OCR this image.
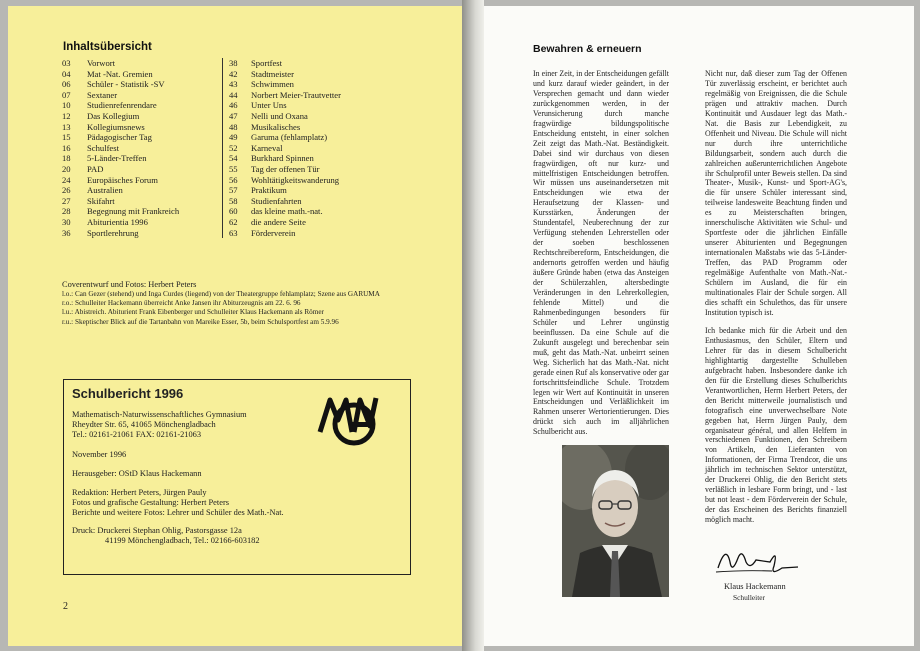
Inhaltsübersicht
03	Vorwort
04	Mat -Nat. Gremien
06	Schüler - Statistik -SV
07	Sextaner
10	Studienrefenrendare
12	Das Kollegium
13	Kollegiumsnews
15	Pädagogischer Tag
16	Schulfest
18	5-Länder-Treffen
20	PAD
24	Europäisches Forum
26	Australien
27	Skifahrt
28	Begegnung mit Frankreich
30	Abiturientia 1996
36	Sportlerehrung
38	Sportfest
42	Stadtmeister
43	Schwimmen
44	Norbert Meier-Trautvetter
46	Unter Uns
47	Nelli und Oxana
48	Musikalisches
49	Garuma (fehlamplatz)
52	Karneval
54	Burkhard Spinnen
55	Tag der offenen Tür
56	Wohltätigkeitswanderung
57	Praktikum
58	Studienfahrten
60	das kleine math.-nat.
62	die andere Seite
63	Förderverein
Coverentwurf und Fotos: Herbert Peters
l.o.: Can Gezer (stehend) und Inga Curdes (liegend) von der Theatergruppe fehlamplatz; Szene aus GARUMA
r.o.: Schulleiter Hackemann überreicht Anke Jansen ihr Abiturzeugnis am 22. 6. 96
l.u.: Abistreich. Abiturient Frank Eibenberger und Schulleiter Klaus Hackemann als Römer
r.u.: Skeptischer Blick auf die Tartanbahn von Mareike Esser, 5b, beim Schulsportfest am 5.9.96
Schulbericht 1996

Mathematisch-Naturwissenschaftliches Gymnasium

Rheydter Str. 65, 41065 Mönchengladbach

Tel.: 02161-21061 FAX: 02161-21063

November 1996

Herausgeber: OStD Klaus Hackemann

Redaktion: Herbert Peters, Jürgen Pauly

Fotos und grafische Gestaltung: Herbert Peters

Berichte und weitere Fotos: Lehrer und Schüler des Math.-Nat.

Druck: Druckerei Stephan Ohlig, Pastorsgasse 12a

41199 Mönchengladbach, Tel.: 02166-603182

2
Bewahren & erneuern

In einer Zeit, in der Entscheidungen gefällt und kurz darauf wieder geändert, in der Versprechen gemacht und dann wieder zurückgenommen werden, in der Verunsicherung durch manche fragwürdige bildungspolitische Entscheidung entsteht, in einer solchen Zeit zeigt das Math.-Nat. Beständigkeit. Dabei sind wir durchaus von diesen fragwürdigen, oft nur kurz- und mittelfristigen Entscheidungen betroffen. Wir müssen uns auseinandersetzen mit Entscheidungen wie etwa der Heraufsetzung der Klassen- und Kursstärken, Änderungen der Stundentafel, Neuberechnung der zur Verfügung stehenden Lehrerstellen oder der soeben beschlossenen Rechtschreibereform, Entscheidungen, die andernorts getroffen werden und häufig äußere Gründe haben (etwa das Ansteigen der Schülerzahlen, altersbedingte Veränderungen in den Lehrerkollegien, fehlende Mittel) und die Rahmenbedingungen besonders für Schüler und Lehrer ungünstig beeinflussen. Da eine Schule auf die Zukunft ausgelegt und berechenbar sein muß, geht das Math.-Nat. unbeirrt seinen Weg. Sicherlich hat das Math.-Nat. nicht gerade einen Ruf als konservative oder gar fortschrittsfeindliche Schule. Trotzdem legen wir Wert auf Kontinuität in unseren Entscheidungen und Verläßlichkeit im Rahmen unserer Wertorientierungen. Dies drückt sich auch im alljährlichen Schulbericht aus.

Nicht nur, daß dieser zum Tag der Offenen Tür zuverlässig erscheint, er berichtet auch regelmäßig von Ereignissen, die die Schule prägen und attraktiv machen. Durch Kontinuität und Ausdauer legt das Math.-Nat. die Basis zur Lebendigkeit, zu Offenheit und Niveau. Die Schule will nicht nur durch ihre unterrichtliche Bildungsarbeit, sondern auch durch die zahlreichen außerunterrichtlichen Angebote ihr Schulprofil unter Beweis stellen. Da sind Theater-, Musik-, Kunst- und Sport-AG's, die für unsere Schüler interessant sind, teilweise landesweite Beachtung finden und es zu Meisterschaften bringen, innerschulische Aktivitäten wie Schul- und Sportfeste oder die jährlichen Einfälle unserer Abiturienten und Begegnungen internationalen Maßstabs wie das 5-Länder-Treffen, das PAD Programm oder regelmäßige Aufenthalte von Math.-Nat.-Schülern im Ausland, die für ein multinationales Flair der Schule sorgen. All dies schafft ein Schulethos, das für unsere Institution typisch ist.

Ich bedanke mich für die Arbeit und den Enthusiasmus, den Schüler, Eltern und Lehrer für das in diesem Schulbericht highlightartig dargestellte Schulleben aufgebracht haben. Insbesondere danke ich den für die Erstellung dieses Schulberichts Verantwortlichen, Herrn Herbert Peters, der den Bericht mitterweile journalistisch und fotografisch eine unverwechselbare Note gegeben hat, Herrn Jürgen Pauly, dem organisateur général, und allen Helfern in verschiedenen Funktionen, den Schreibern von Artikeln, den Lieferanten von Informationen, der Firma Trendcor, die uns jährlich im technischen Sektor unterstützt, der Druckerei Ohlig, die den Bericht stets verläßlich in lesbare Form bringt, und - last but not least - dem Förderverein der Schule, der das Erscheinen des Berichts finanziell möglich macht.

Klaus Hackemann
Schulleiter
